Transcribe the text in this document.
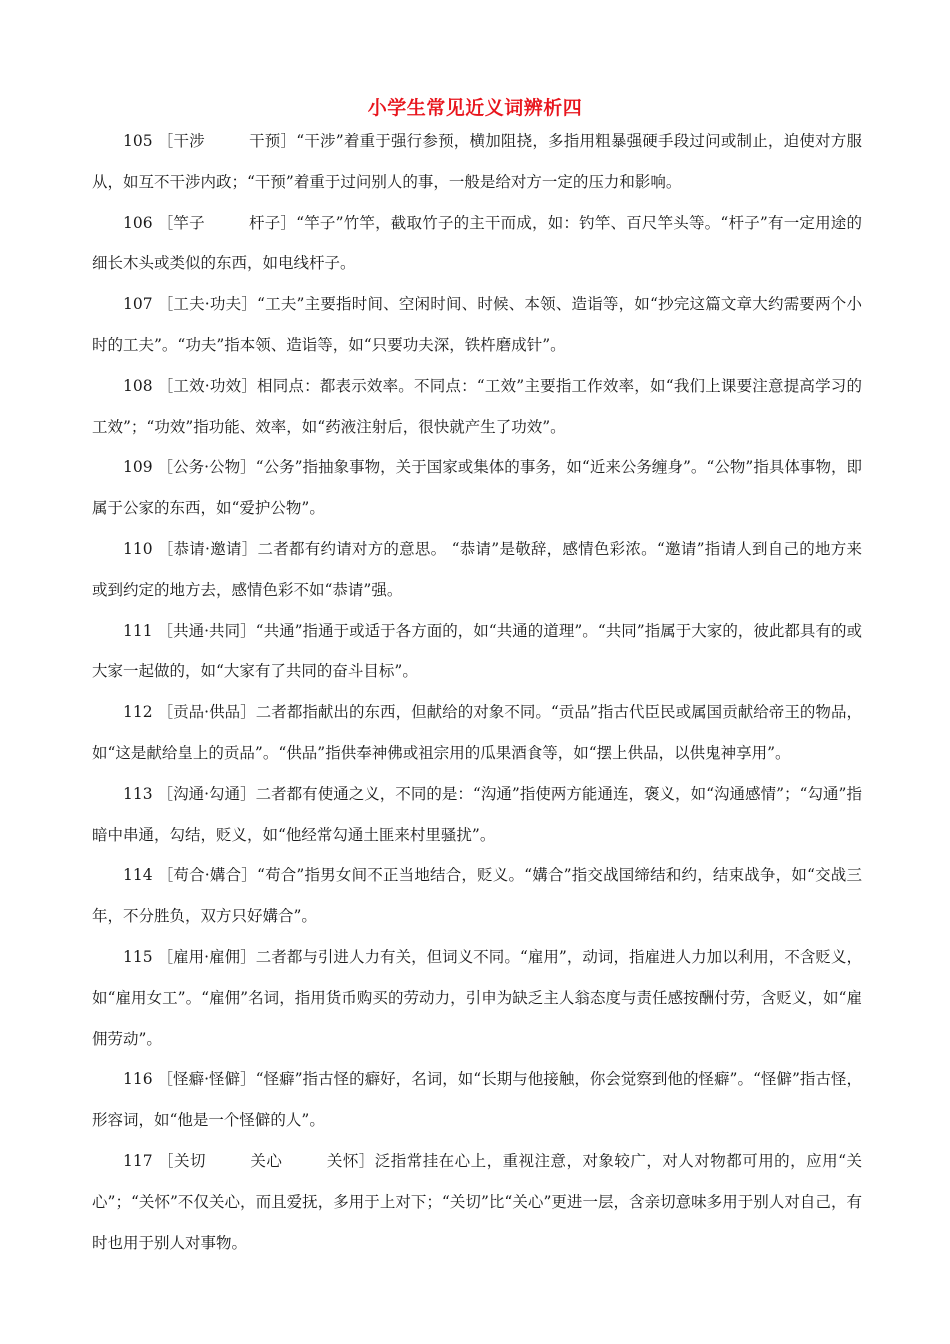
小学生常见近义词辨析四

105 ［干涉	干预］“干涉”着重于强行参预，横加阻挠，多指用粗暴强硬手段过问或制止，迫使对方服从，如互不干涉内政；“干预”着重于过问别人的事，一般是给对方一定的压力和影响。

106 ［竿子	杆子］“竿子”竹竿，截取竹子的主干而成，如：钓竿、百尺竿头等。“杆子”有一定用途的细长木头或类似的东西，如电线杆子。

107 ［工夫·功夫］“工夫”主要指时间、空闲时间、时候、本领、造诣等，如“抄完这篇文章大约需要两个小时的工夫”。“功夫”指本领、造诣等，如“只要功夫深，铁杵磨成针”。

108 ［工效·功效］相同点：都表示效率。不同点：“工效”主要指工作效率，如“我们上课要注意提高学习的工效”；“功效”指功能、效率，如“药液注射后，很快就产生了功效”。

109 ［公务·公物］“公务”指抽象事物，关于国家或集体的事务，如“近来公务缠身”。“公物”指具体事物，即属于公家的东西，如“爱护公物”。

110 ［恭请·邀请］二者都有约请对方的意思。 “恭请”是敬辞，感情色彩浓。“邀请”指请人到自己的地方来或到约定的地方去，感情色彩不如“恭请”强。

111 ［共通·共同］“共通”指通于或适于各方面的，如“共通的道理”。“共同”指属于大家的，彼此都具有的或大家一起做的，如“大家有了共同的奋斗目标”。

112 ［贡品·供品］二者都指献出的东西，但献给的对象不同。“贡品”指古代臣民或属国贡献给帝王的物品，如“这是献给皇上的贡品”。“供品”指供奉神佛或祖宗用的瓜果酒食等，如“摆上供品，以供鬼神享用”。

113 ［沟通·勾通］二者都有使通之义，不同的是：“沟通”指使两方能通连，褒义，如“沟通感情”；“勾通”指暗中串通，勾结，贬义，如“他经常勾通土匪来村里骚扰”。

114 ［苟合·媾合］“苟合”指男女间不正当地结合，贬义。“媾合”指交战国缔结和约，结束战争，如“交战三年，不分胜负，双方只好媾合”。

115 ［雇用·雇佣］二者都与引进人力有关，但词义不同。“雇用”，动词，指雇进人力加以利用，不含贬义，如“雇用女工”。“雇佣”名词，指用货币购买的劳动力，引申为缺乏主人翁态度与责任感按酬付劳，含贬义，如“雇佣劳动”。

116 ［怪癖·怪僻］“怪癖”指古怪的癖好，名词，如“长期与他接触，你会觉察到他的怪癖”。“怪僻”指古怪，形容词，如“他是一个怪僻的人”。

117 ［关切	关心	关怀］泛指常挂在心上，重视注意，对象较广，对人对物都可用的，应用“关心”；“关怀”不仅关心，而且爱抚，多用于上对下；“关切”比“关心”更进一层，含亲切意味多用于别人对自己，有时也用于别人对事物。
